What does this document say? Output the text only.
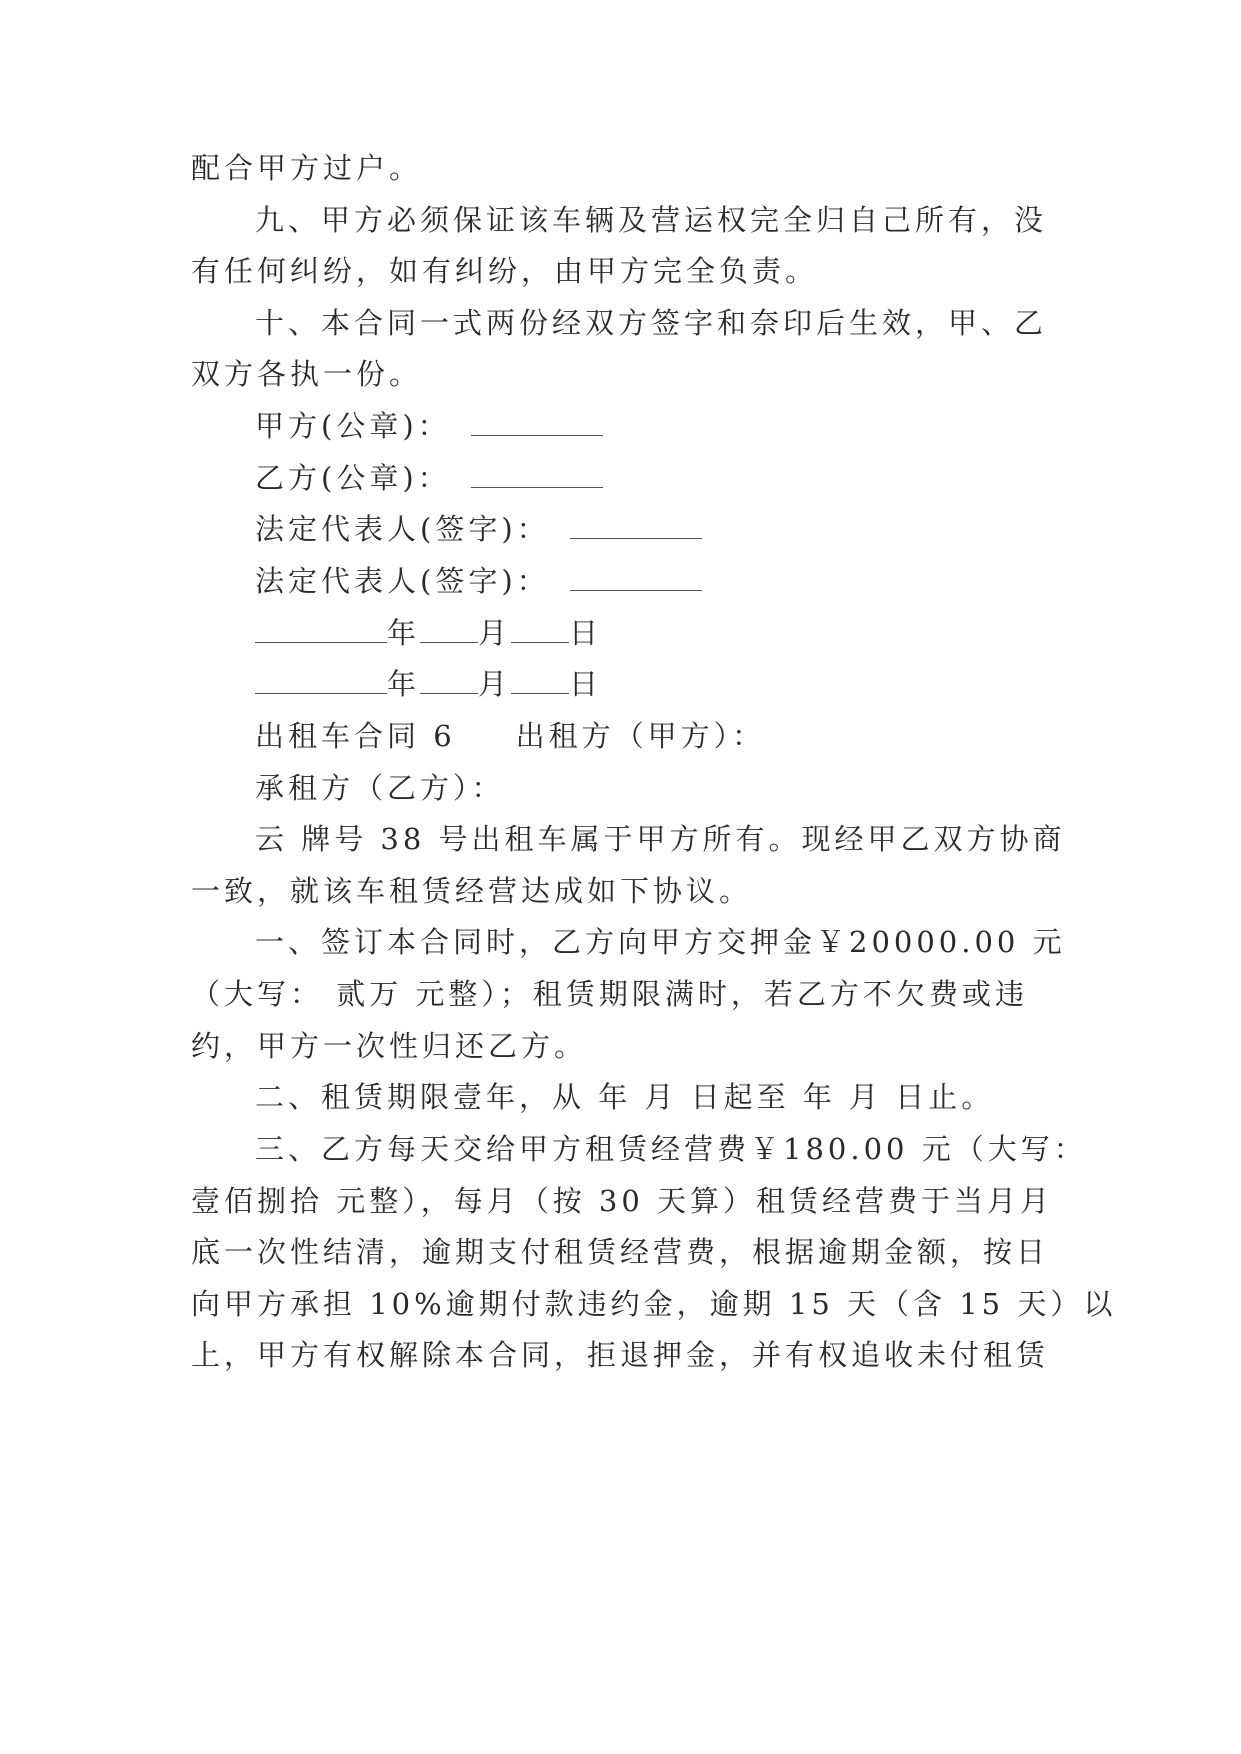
配合甲方过户。
九、甲方必须保证该车辆及营运权完全归自己所有，没
有任何纠纷，如有纠纷，由甲方完全负责。
十、本合同一式两份经双方签字和奈印后生效，甲、乙
双方各执一份。
甲方(公章)：
乙方(公章)：
法定代表人(签字)：
法定代表人(签字)：
年 月 日
年 月 日
出租车合同 6 出租方（甲方）：
承租方（乙方）：
云 牌号 38 号出租车属于甲方所有。现经甲乙双方协商
一致，就该车租赁经营达成如下协议。
一、签订本合同时，乙方向甲方交押金￥20000.00 元
（大写： 贰万 元整）；租赁期限满时，若乙方不欠费或违
约，甲方一次性归还乙方。
二、租赁期限壹年，从 年 月 日起至 年 月 日止。
三、乙方每天交给甲方租赁经营费￥180.00 元（大写：
壹佰捌拾 元整），每月（按 30 天算）租赁经营费于当月月
底一次性结清，逾期支付租赁经营费，根据逾期金额，按日
向甲方承担 10%逾期付款违约金，逾期 15 天（含 15 天）以
上，甲方有权解除本合同，拒退押金，并有权追收未付租赁
